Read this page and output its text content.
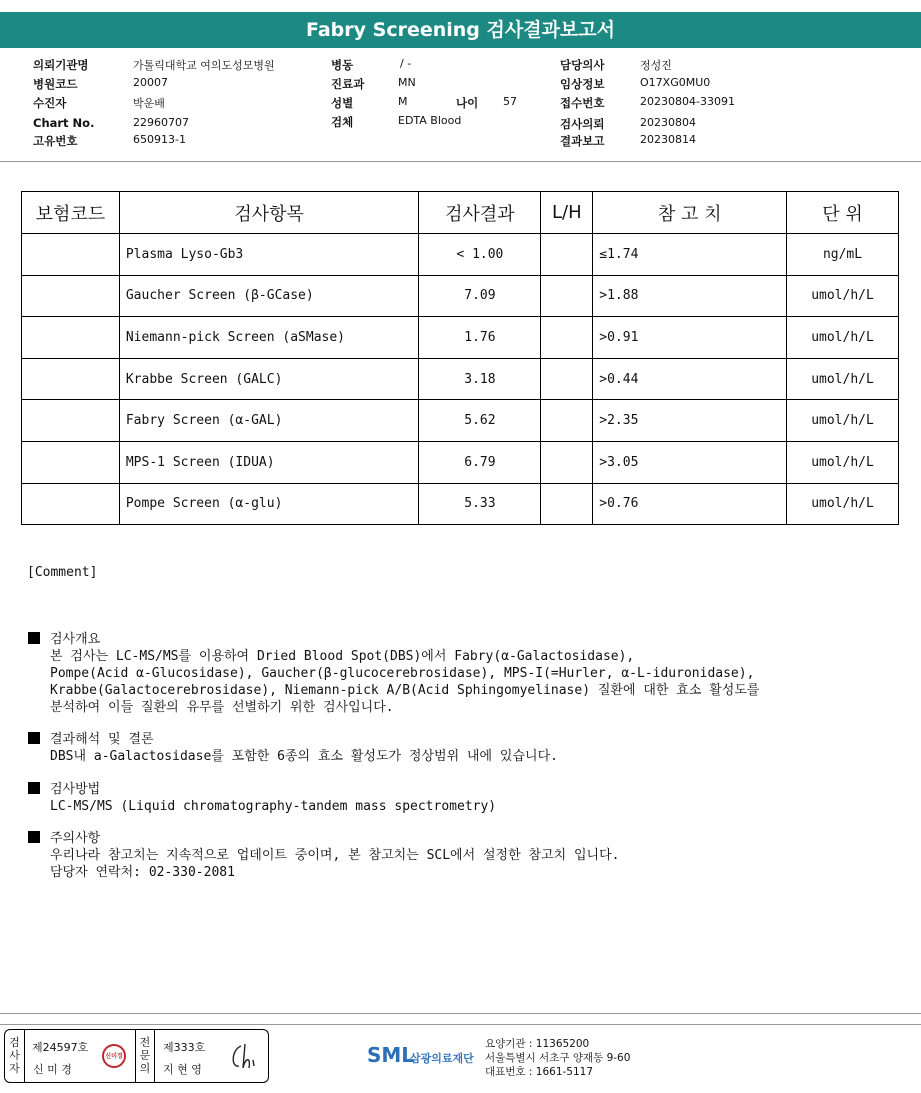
Fabry Screening 검사결과보고서
의뢰기관명	가톨릭대학교 여의도성모병원
병원코드	20007
수진자	박운배
Chart No.	22960707
고유번호	650913-1
병동	/ -
진료과	MN
성별	M	나이 57
검체	EDTA Blood
담당의사	정성진
임상정보	O17XG0MU0
접수번호	20230804-33091
검사의뢰	20230804
결과보고	20230814
보험코드	검사항목	검사결과	L/H	참 고 치	단 위
	Plasma Lyso-Gb3	< 1.00		≤1.74	ng/mL
	Gaucher Screen (β-GCase)	7.09		>1.88	umol/h/L
	Niemann-pick Screen (aSMase)	1.76		>0.91	umol/h/L
	Krabbe Screen (GALC)	3.18		>0.44	umol/h/L
	Fabry Screen (α-GAL)	5.62		>2.35	umol/h/L
	MPS-1 Screen (IDUA)	6.79		>3.05	umol/h/L
	Pompe Screen (α-glu)	5.33		>0.76	umol/h/L
[Comment]
검사개요
본 검사는 LC-MS/MS를 이용하여 Dried Blood Spot(DBS)에서 Fabry(α-Galactosidase),
Pompe(Acid α-Glucosidase), Gaucher(β-glucocerebrosidase), MPS-I(=Hurler, α-L-iduronidase),
Krabbe(Galactocerebrosidase), Niemann-pick A/B(Acid Sphingomyelinase) 질환에 대한 효소 활성도를
분석하여 이들 질환의 유무를 선별하기 위한 검사입니다.
결과해석 및 결론
DBS내 a-Galactosidase를 포함한 6종의 효소 활성도가 정상범위 내에 있습니다.
검사방법
LC-MS/MS (Liquid chromatography-tandem mass spectrometry)
주의사항
우리나라 참고치는 지속적으로 업데이트 중이며, 본 참고치는 SCL에서 설정한 참고치 입니다.
담당자 연락처: 02-330-2081
검사자
제24597호
신 미 경
신미경
전문의
제333호
지 현 영
SML
삼광의료재단
요양기관 : 11365200
서울특별시 서초구 양재동 9-60
대표번호 : 1661-5117
